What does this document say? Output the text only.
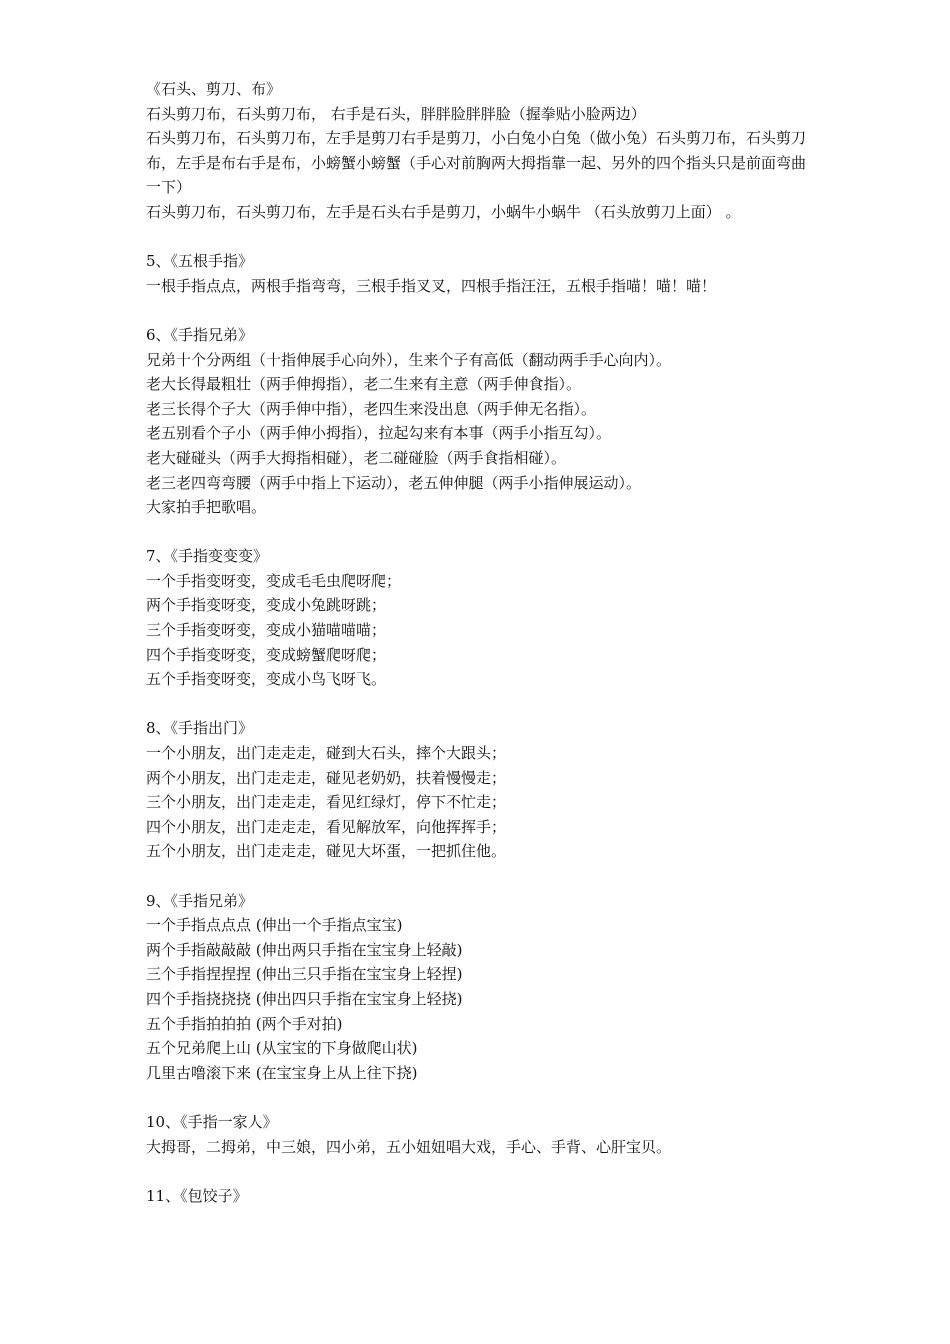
《石头、剪刀、布》
石头剪刀布，石头剪刀布， 右手是石头，胖胖脸胖胖脸（握拳贴小脸两边）
石头剪刀布，石头剪刀布，左手是剪刀右手是剪刀，小白兔小白兔（做小兔）石头剪刀布，石头剪刀布，左手是布右手是布，小螃蟹小螃蟹（手心对前胸两大拇指靠一起、另外的四个指头只是前面弯曲一下）
石头剪刀布，石头剪刀布，左手是石头右手是剪刀，小蜗牛小蜗牛 （石头放剪刀上面） 。
5、《五根手指》
一根手指点点，两根手指弯弯，三根手指叉叉，四根手指汪汪，五根手指喵！喵！喵！
6、《手指兄弟》
兄弟十个分两组（十指伸展手心向外），生来个子有高低（翻动两手手心向内）。
老大长得最粗壮（两手伸拇指），老二生来有主意（两手伸食指）。
老三长得个子大（两手伸中指），老四生来没出息（两手伸无名指）。
老五别看个子小（两手伸小拇指），拉起勾来有本事（两手小指互勾）。
老大碰碰头（两手大拇指相碰），老二碰碰脸（两手食指相碰）。
老三老四弯弯腰（两手中指上下运动），老五伸伸腿（两手小指伸展运动）。
大家拍手把歌唱。
7、《手指变变变》
一个手指变呀变，变成毛毛虫爬呀爬；
两个手指变呀变，变成小兔跳呀跳；
三个手指变呀变，变成小猫喵喵喵；
四个手指变呀变，变成螃蟹爬呀爬；
五个手指变呀变，变成小鸟飞呀飞。
8、《手指出门》
一个小朋友，出门走走走，碰到大石头，摔个大跟头；
两个小朋友，出门走走走，碰见老奶奶，扶着慢慢走；
三个小朋友，出门走走走，看见红绿灯，停下不忙走；
四个小朋友，出门走走走，看见解放军，向他挥挥手；
五个小朋友，出门走走走，碰见大坏蛋，一把抓住他。
9、《手指兄弟》
一个手指点点点 (伸出一个手指点宝宝)
两个手指敲敲敲 (伸出两只手指在宝宝身上轻敲)
三个手指捏捏捏 (伸出三只手指在宝宝身上轻捏)
四个手指挠挠挠 (伸出四只手指在宝宝身上轻挠)
五个手指拍拍拍 (两个手对拍)
五个兄弟爬上山 (从宝宝的下身做爬山状)
几里古噜滚下来 (在宝宝身上从上往下挠)
10、《手指一家人》
大拇哥，二拇弟，中三娘，四小弟，五小妞妞唱大戏，手心、手背、心肝宝贝。
11、《包饺子》
